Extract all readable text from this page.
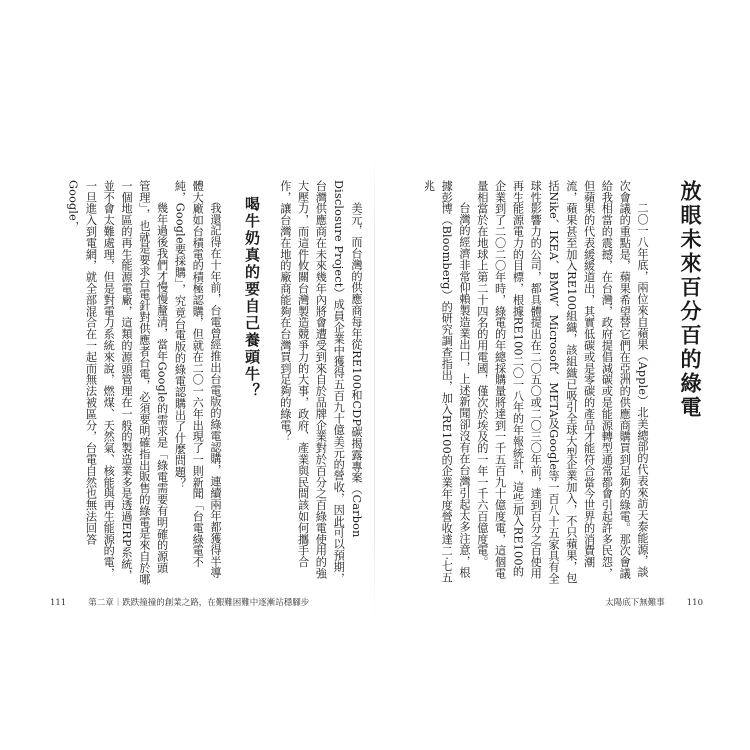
美元，而台灣的供應商每年從RE100和CDP碳揭露專案（Carbon Disclosure Project）成員企業中獲得五百九十億美元的營收，因此可以預期，台灣供應商在未來幾年內將會遭受到來自於品牌企業對於百分之百綠電使用的強大壓力，而這件攸關台灣製造競爭力的大事，政府、產業與民間該如何攜手合作，讓台灣在地的廠商能夠在台灣買到足夠的綠電？

喝牛奶真的要自己養頭牛？

我還記得在十年前，台電曾經推出台電版的綠電認購，連續兩年都獲得半導體大廠如台積電的積極認購，但就在二〇一六年出現了一則新聞「台電綠電不純，Google要採購」，究竟台電版的綠電認購出了什麼問題？

幾年過後我們才慢慢釐清，當年Google的需求是「綠電需要有明確的源頭管理」，也就是要求台電針對供應者台電，必須要明確指出販售的綠電是來自於哪一個地區的再生能源電廠，這類的源頭管理在一般的製造業多是透過ERP系統，並不會太難處理，但是對電力系統來說，燃煤、天然氣、核能與再生能源的電，一旦進入到電網，就全部混合在一起而無法被區分，台電自然也無法回答Google，

111	第二章｜跌跌撞撞的創業之路，在艱難困難中逐漸站穩腳步
放眼未來百分百的綠電

二〇一八年底，兩位來自蘋果（Apple）北美總部的代表來訪天泰能源，談次會議的重點是，蘋果希望替它們在亞洲的供應商購買到足夠的綠電。那次會議給我相當的震撼，在台灣，政府提倡減碳或是能源轉型通常都會引起許多民怨，但蘋果的代表緩緩道出，其實低碳或是零碳的產品才能符合當今世界的消費潮流，蘋果甚至加入RE100組織，該組織已吸引全球大型企業加入，不只蘋果，包括Nike、IKEA、BMW、Microsoft、META及Google等一百八十五家具有全球性影響力的公司，都具體提出在二〇五〇或二〇三〇年前，達到百分之百使用再生能源電力的目標，根據RE100二〇一八年的年報統計，這些加入RE100的企業到了二〇二〇年時，綠電的年總採購量將達到一千五百九十億度電，這個電量相當於在地球上第二十四名的用電國，僅次於埃及的一年一千六百億度電。

台灣的經濟非常仰賴製造業出口，上述新聞卻沒有在台灣引起太多注意，根據彭博（Bloomberg）的研究調查指出，加入RE100的企業年度營收達二‧七五兆

太陽底下無難事	110
